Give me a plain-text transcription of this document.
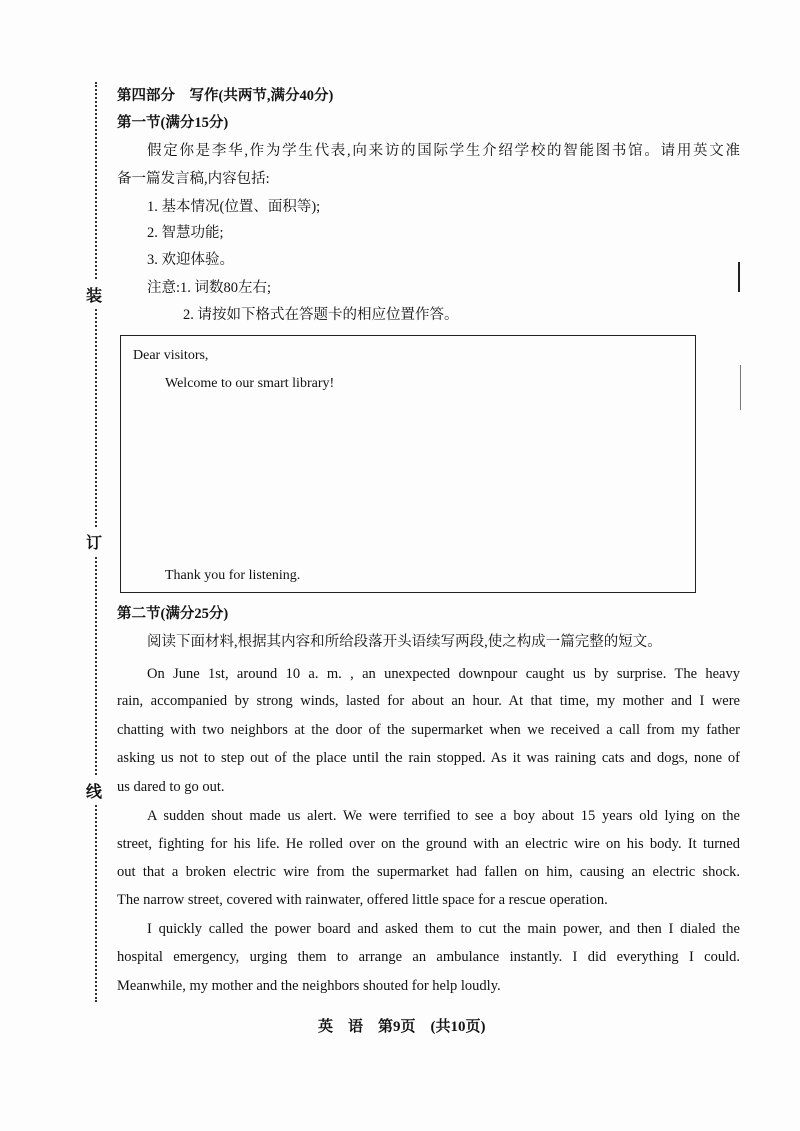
装
订
线
第四部分　写作(共两节,满分40分)
第一节(满分15分)
假定你是李华,作为学生代表,向来访的国际学生介绍学校的智能图书馆。请用英文准
备一篇发言稿,内容包括:
1. 基本情况(位置、面积等);
2. 智慧功能;
3. 欢迎体验。
注意:1. 词数80左右;
2. 请按如下格式在答题卡的相应位置作答。
Dear visitors,
Welcome to our smart library!
Thank you for listening.
第二节(满分25分)
阅读下面材料,根据其内容和所给段落开头语续写两段,使之构成一篇完整的短文。
On June 1st, around 10 a. m. , an unexpected downpour caught us by surprise. The heavy
rain, accompanied by strong winds, lasted for about an hour. At that time, my mother and I were
chatting with two neighbors at the door of the supermarket when we received a call from my father
asking us not to step out of the place until the rain stopped. As it was raining cats and dogs, none of
us dared to go out.
A sudden shout made us alert. We were terrified to see a boy about 15 years old lying on the
street, fighting for his life. He rolled over on the ground with an electric wire on his body. It turned
out that a broken electric wire from the supermarket had fallen on him, causing an electric shock.
The narrow street, covered with rainwater, offered little space for a rescue operation.
I quickly called the power board and asked them to cut the main power, and then I dialed the
hospital emergency, urging them to arrange an ambulance instantly. I did everything I could.
Meanwhile, my mother and the neighbors shouted for help loudly.
英　语　第9页　(共10页)
